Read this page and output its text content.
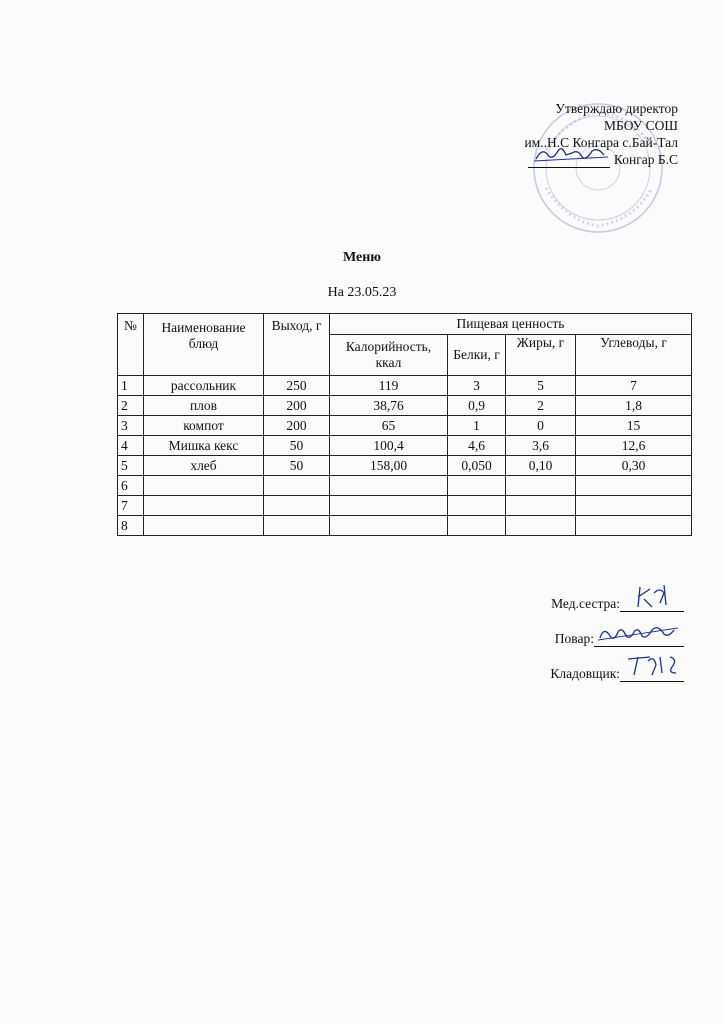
Утверждаю директор
МБОУ СОШ
им..Н.С Конгара с.Бай-Тал
Конгар Б.С
Меню
На 23.05.23
№	Наименование блюд	Выход, г	Пищевая ценность			
			Калорийность, ккал	Белки, г	Жиры, г	Углеводы, г
1	рассольник	250	119	3	5	7
2	плов	200	38,76	0,9	2	1,8
3	компот	200	65	1	0	15
4	Мишка кекс	50	100,4	4,6	3,6	12,6
5	хлеб	50	158,00	0,050	0,10	0,30
6						
7						
8						
Мед.сестра:
Повар:
Кладовщик:
